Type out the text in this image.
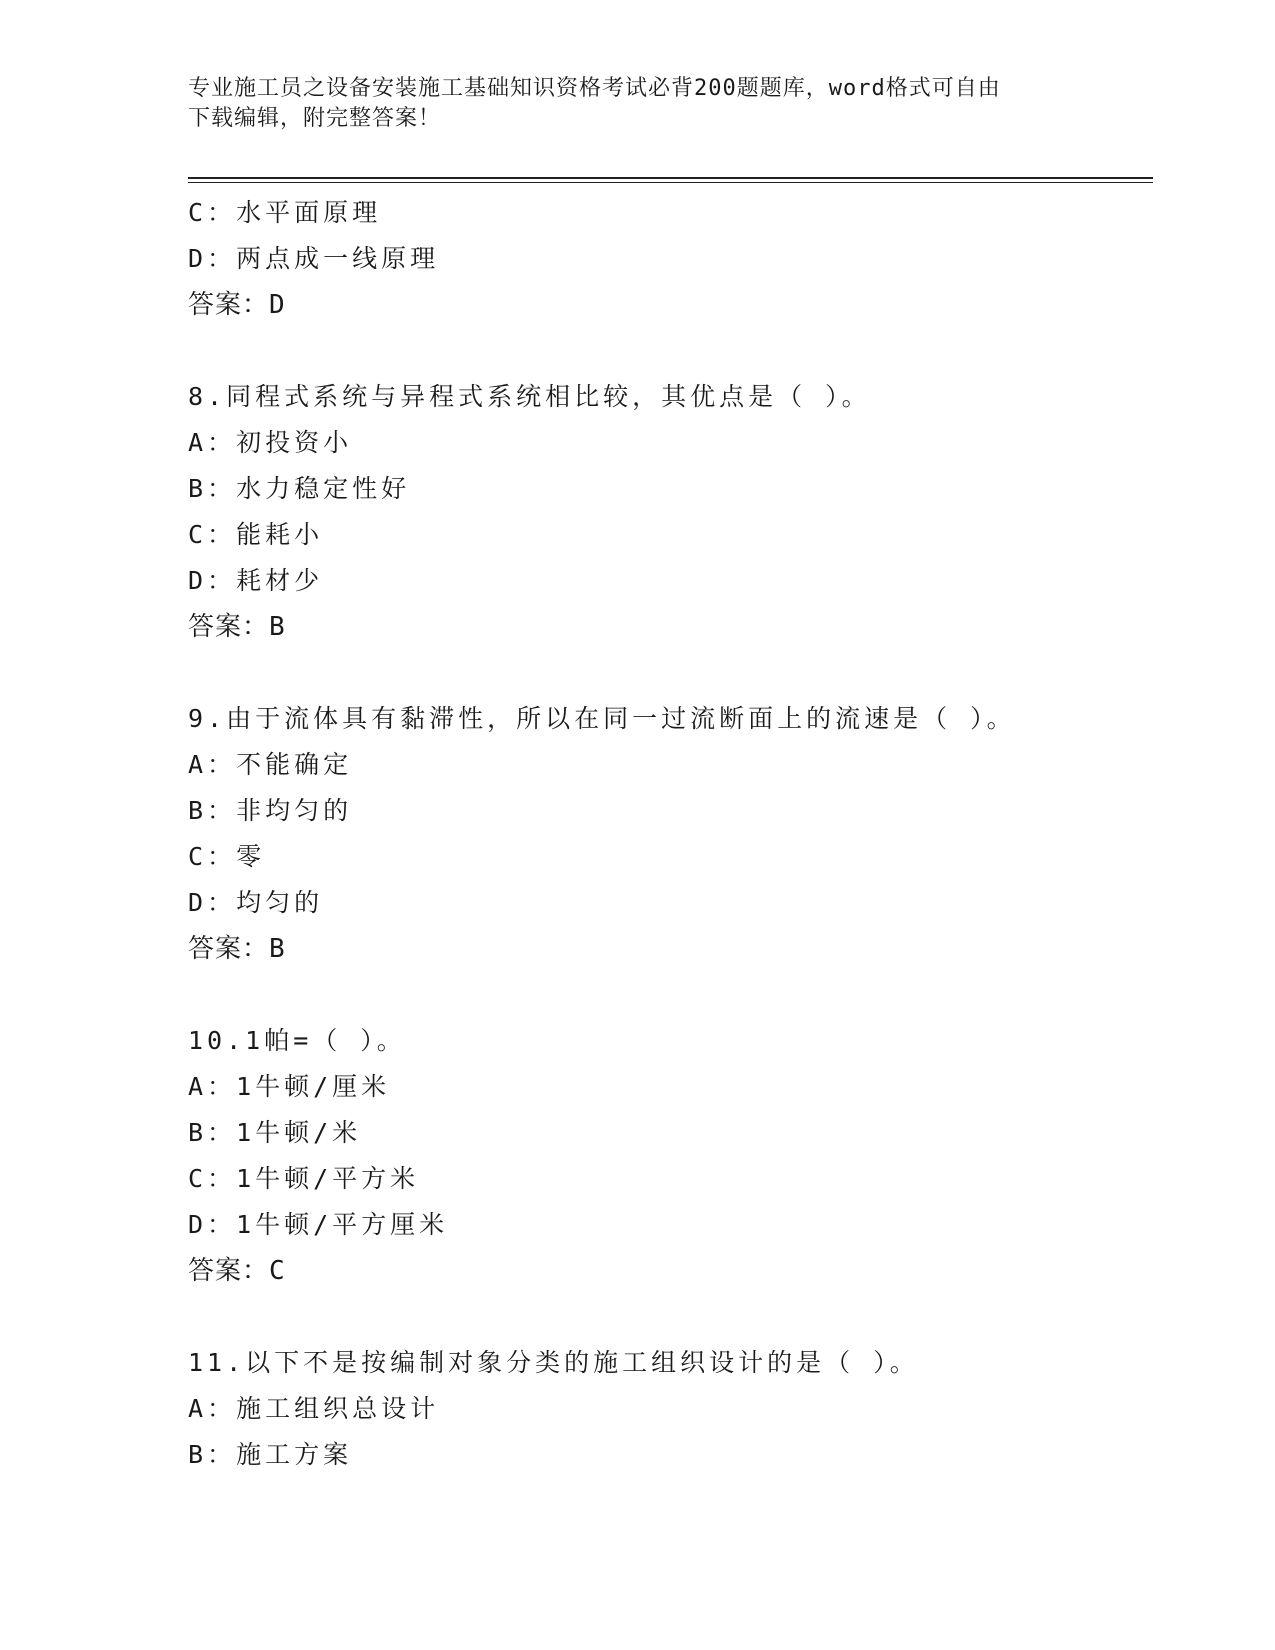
专业施工员之设备安装施工基础知识资格考试必背200题题库，word格式可自由
下载编辑，附完整答案！
C：水平面原理
D：两点成一线原理
答案：D
8.同程式系统与异程式系统相比较，其优点是（ ）。
A：初投资小
B：水力稳定性好
C：能耗小
D：耗材少
答案：B
9.由于流体具有黏滞性，所以在同一过流断面上的流速是（ ）。
A：不能确定
B：非均匀的
C：零
D：均匀的
答案：B
10.1帕=（ ）。
A：1牛顿/厘米
B：1牛顿/米
C：1牛顿/平方米
D：1牛顿/平方厘米
答案：C
11.以下不是按编制对象分类的施工组织设计的是（ ）。
A：施工组织总设计
B：施工方案
